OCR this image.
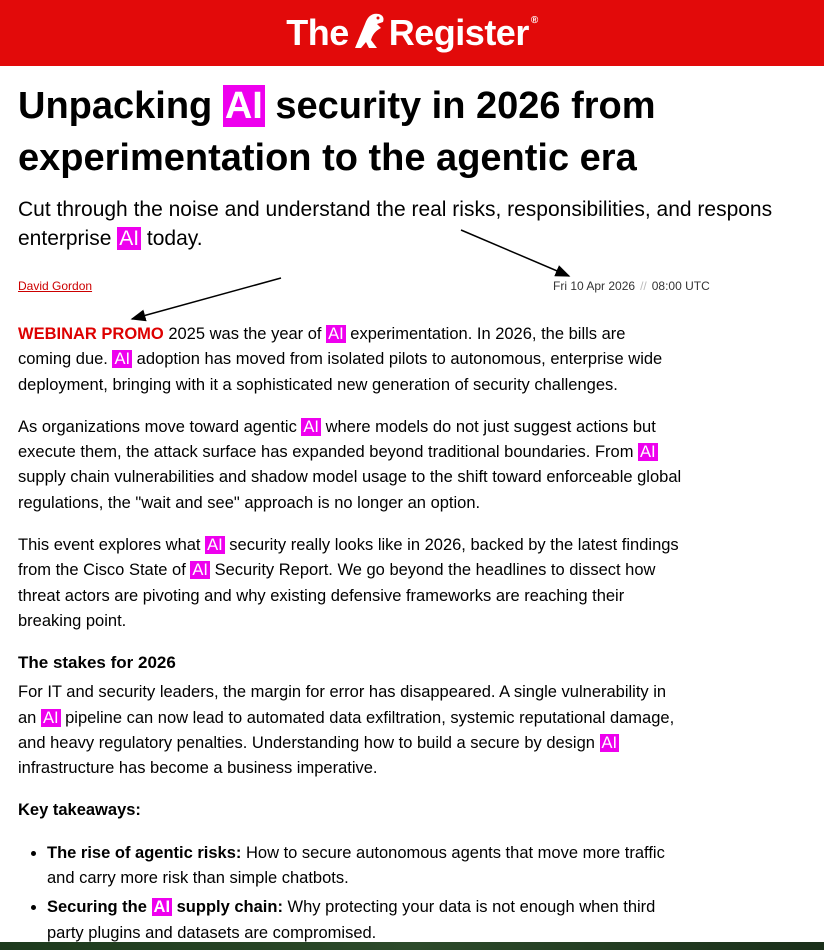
The Register®
Unpacking AI security in 2026 from experimentation to the agentic era

Cut through the noise and understand the real risks, responsibilities, and respons
enterprise AI today.

David Gordon	Fri 10 Apr 2026 // 08:00 UTC

WEBINAR PROMO 2025 was the year of AI experimentation. In 2026, the bills are coming due. AI adoption has moved from isolated pilots to autonomous, enterprise wide deployment, bringing with it a sophisticated new generation of security challenges.

As organizations move toward agentic AI where models do not just suggest actions but execute them, the attack surface has expanded beyond traditional boundaries. From AI supply chain vulnerabilities and shadow model usage to the shift toward enforceable global regulations, the "wait and see" approach is no longer an option.

This event explores what AI security really looks like in 2026, backed by the latest findings from the Cisco State of AI Security Report. We go beyond the headlines to dissect how threat actors are pivoting and why existing defensive frameworks are reaching their breaking point.

The stakes for 2026

For IT and security leaders, the margin for error has disappeared. A single vulnerability in an AI pipeline can now lead to automated data exfiltration, systemic reputational damage, and heavy regulatory penalties. Understanding how to build a secure by design AI infrastructure has become a business imperative.

Key takeaways:
• The rise of agentic risks: How to secure autonomous agents that move more traffic and carry more risk than simple chatbots.
• Securing the AI supply chain: Why protecting your data is not enough when third party plugins and datasets are compromised.
